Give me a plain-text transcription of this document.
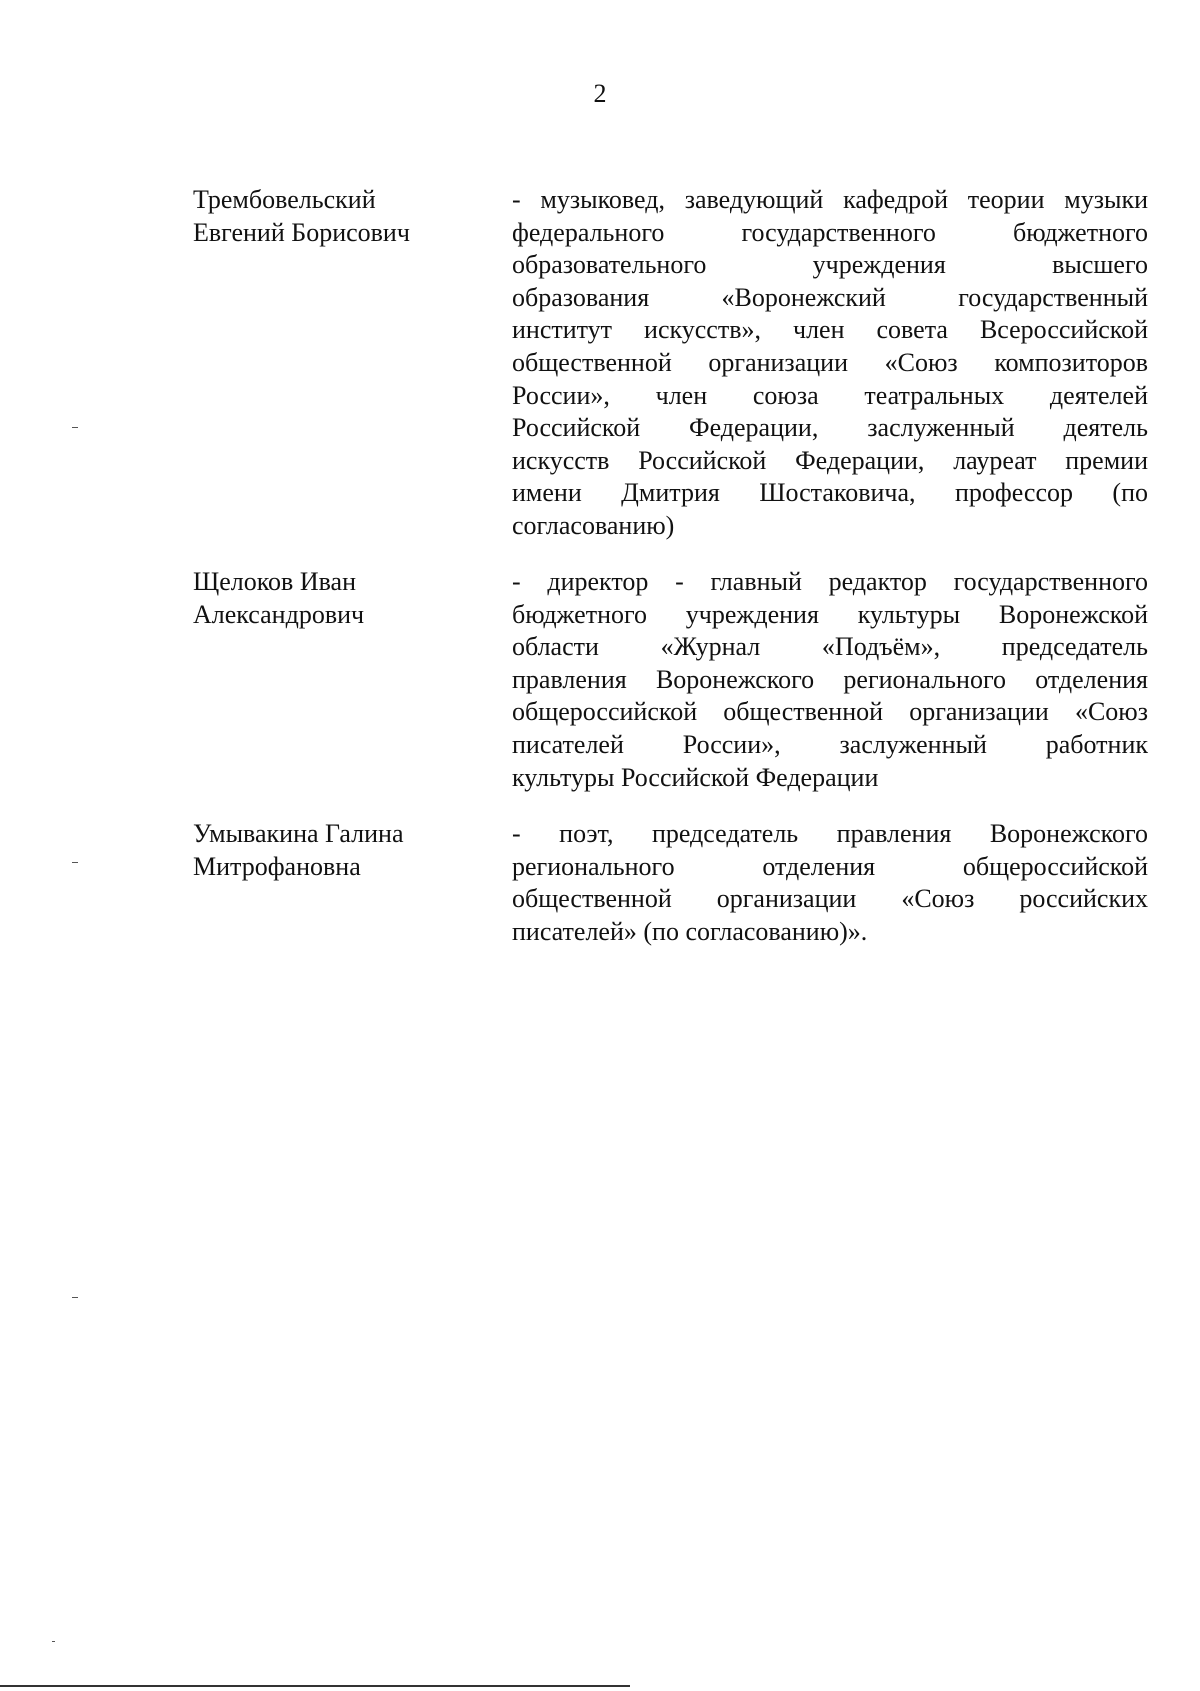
2
Трембовельский
Евгений Борисович
- музыковед, заведующий кафедрой теории музыки
федерального государственного бюджетного
образовательного учреждения высшего
образования «Воронежский государственный
институт искусств», член совета Всероссийской
общественной организации «Союз композиторов
России», член союза театральных деятелей
Российской Федерации, заслуженный деятель
искусств Российской Федерации, лауреат премии
имени Дмитрия Шостаковича, профессор (по
согласованию)
Щелоков Иван
Александрович
- директор - главный редактор государственного
бюджетного учреждения культуры Воронежской
области «Журнал «Подъём», председатель
правления Воронежского регионального отделения
общероссийской общественной организации «Союз
писателей России», заслуженный работник
культуры Российской Федерации
Умывакина Галина
Митрофановна
- поэт, председатель правления Воронежского
регионального отделения общероссийской
общественной организации «Союз российских
писателей» (по согласованию)».
